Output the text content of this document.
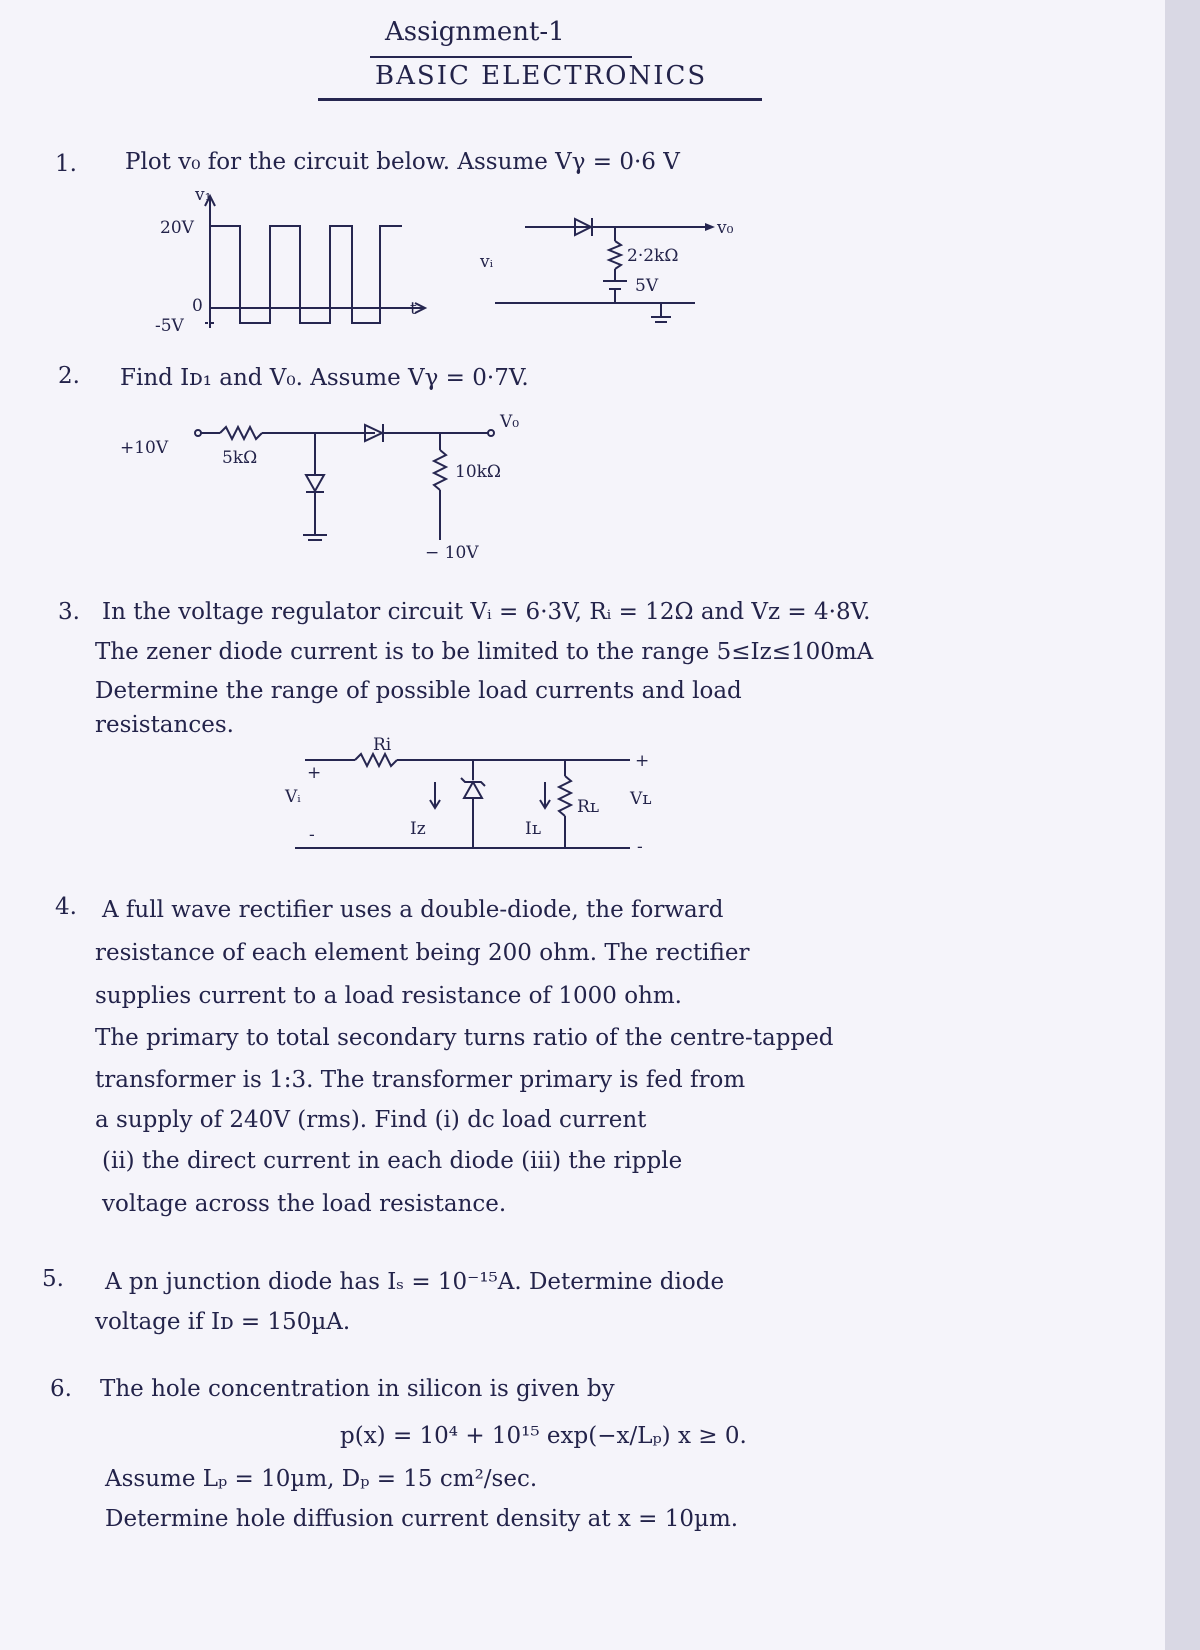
Assignment-1
BASIC ELECTRONICS
1. Plot v₀ for the circuit below. Assume Vγ = 0·6 V
v₁
20V
0
-5V
t
vᵢ
v₀
2·2kΩ
5V
2. Find Iᴅ₁ and V₀. Assume Vγ = 0·7V.
+10V	5kΩ
10kΩ
V₀
− 10V
3. In the voltage regulator circuit Vᵢ = 6·3V, Rᵢ = 12Ω and Vᴢ = 4·8V.
The zener diode current is to be limited to the range 5≤Iᴢ≤100mA
Determine the range of possible load currents and load
resistances.
Ri
+
Vᵢ
-	Iᴢ	Iʟ
Rʟ
+
Vʟ
-
4. A full wave rectifier uses a double-diode, the forward
resistance of each element being 200 ohm. The rectifier
supplies current to a load resistance of 1000 ohm.
The primary to total secondary turns ratio of the centre-tapped
transformer is 1:3. The transformer primary is fed from
a supply of 240V (rms). Find (i) dc load current
(ii) the direct current in each diode (iii) the ripple
voltage across the load resistance.
5. A pn junction diode has Iₛ = 10⁻¹⁵A. Determine diode
voltage if Iᴅ = 150µA.
6. The hole concentration in silicon is given by
p(x) = 10⁴ + 10¹⁵ exp(−x/Lₚ) x ≥ 0.
Assume Lₚ = 10µm, Dₚ = 15 cm²/sec.
Determine hole diffusion current density at x = 10µm.
